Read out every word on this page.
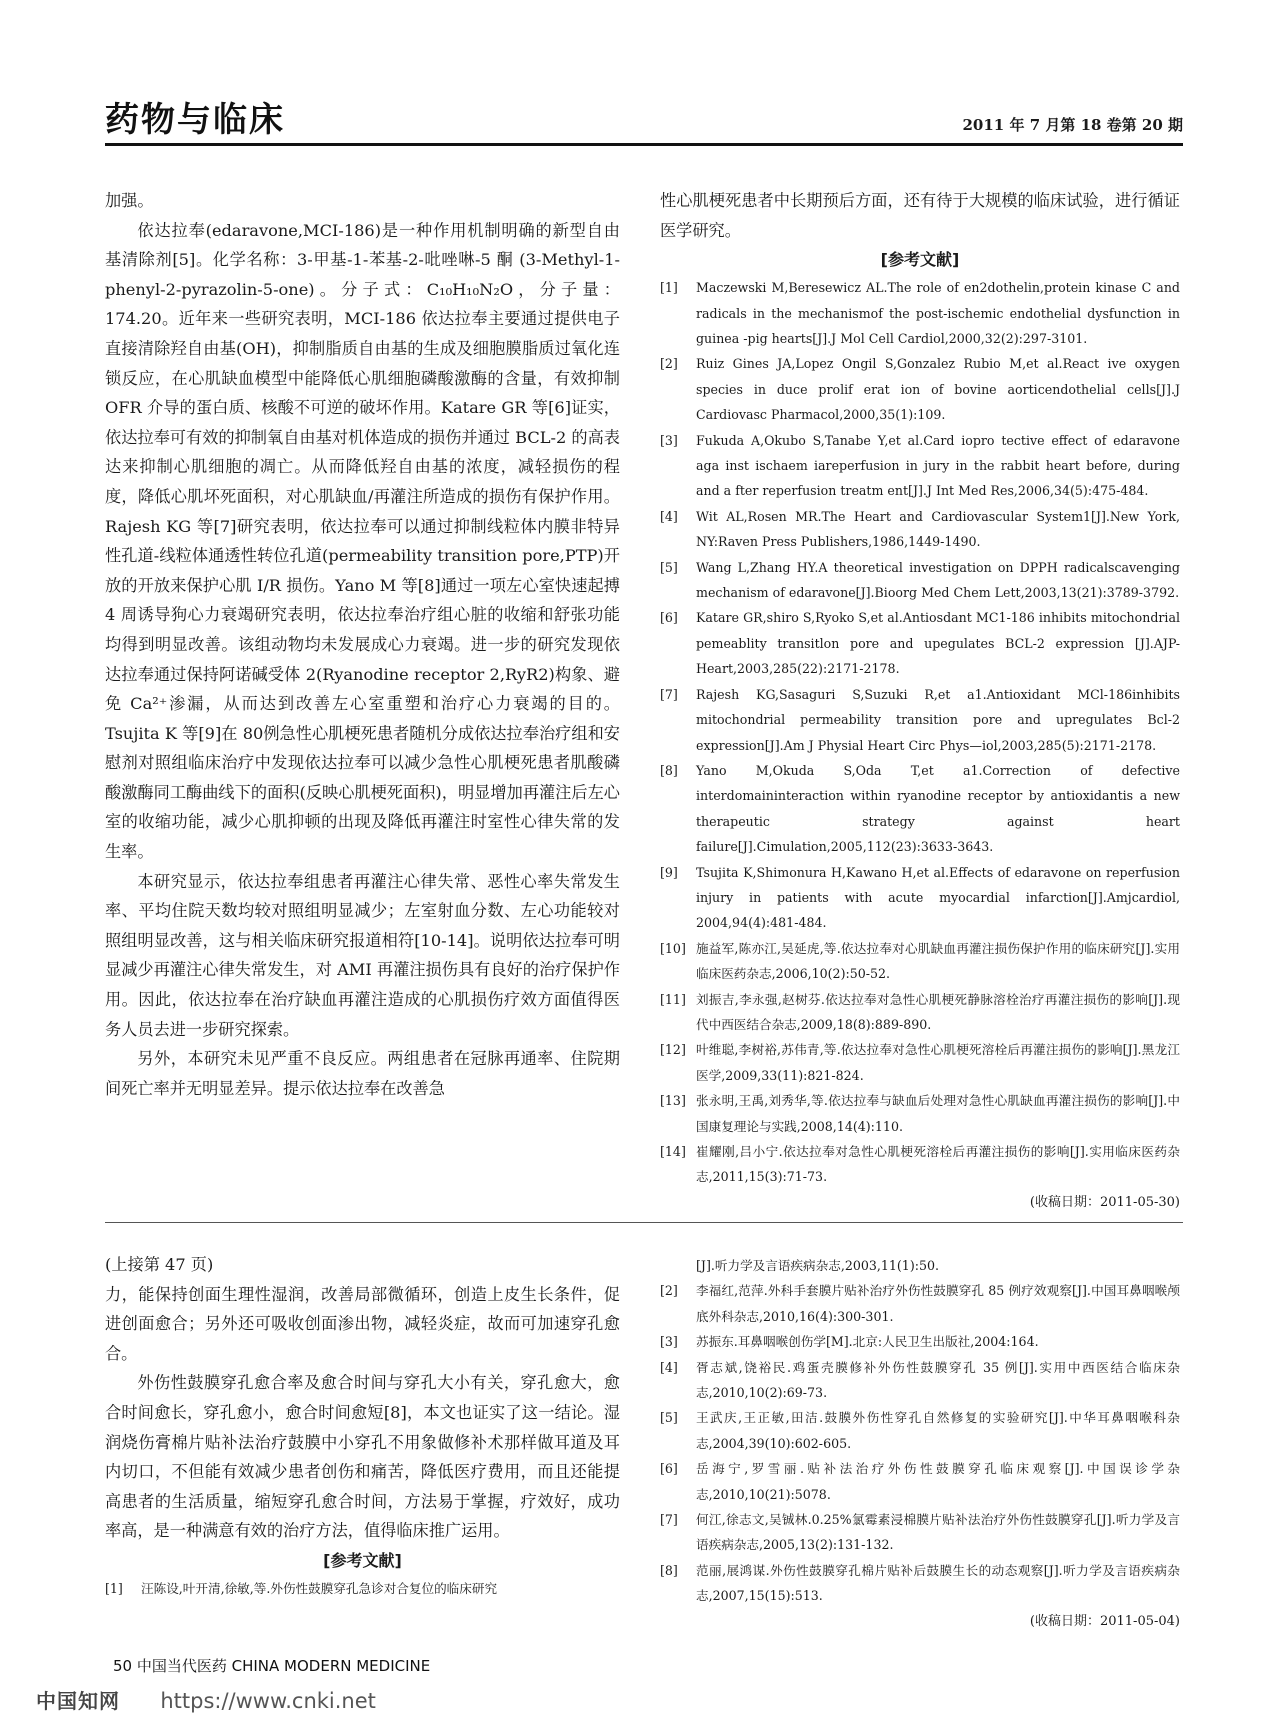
药物与临床	2011 年 7 月第 18 卷第 20 期

加强。

依达拉奉(edaravone,MCI-186)是一种作用机制明确的新型自由基清除剂[5]。化学名称：3-甲基-1-苯基-2-吡唑啉-5 酮 (3-Methyl-1-phenyl-2-pyrazolin-5-one)。分子式：C₁₀H₁₀N₂O，分子量：174.20。近年来一些研究表明，MCI-186 依达拉奉主要通过提供电子直接清除羟自由基(OH)，抑制脂质自由基的生成及细胞膜脂质过氧化连锁反应，在心肌缺血模型中能降低心肌细胞磷酸激酶的含量，有效抑制 OFR 介导的蛋白质、核酸不可逆的破坏作用。Katare GR 等[6]证实，依达拉奉可有效的抑制氧自由基对机体造成的损伤并通过 BCL-2 的高表达来抑制心肌细胞的凋亡。从而降低羟自由基的浓度，减轻损伤的程度，降低心肌坏死面积，对心肌缺血/再灌注所造成的损伤有保护作用。Rajesh KG 等[7]研究表明，依达拉奉可以通过抑制线粒体内膜非特异性孔道-线粒体通透性转位孔道(permeability transition pore,PTP)开放的开放来保护心肌 I/R 损伤。Yano M 等[8]通过一项左心室快速起搏 4 周诱导狗心力衰竭研究表明，依达拉奉治疗组心脏的收缩和舒张功能均得到明显改善。该组动物均未发展成心力衰竭。进一步的研究发现依达拉奉通过保持阿诺碱受体 2(Ryanodine receptor 2,RyR2)构象、避免 Ca²⁺渗漏，从而达到改善左心室重塑和治疗心力衰竭的目的。Tsujita K 等[9]在 80例急性心肌梗死患者随机分成依达拉奉治疗组和安慰剂对照组临床治疗中发现依达拉奉可以减少急性心肌梗死患者肌酸磷酸激酶同工酶曲线下的面积(反映心肌梗死面积)，明显增加再灌注后左心室的收缩功能，减少心肌抑顿的出现及降低再灌注时室性心律失常的发生率。

本研究显示，依达拉奉组患者再灌注心律失常、恶性心率失常发生率、平均住院天数均较对照组明显减少；左室射血分数、左心功能较对照组明显改善，这与相关临床研究报道相符[10-14]。说明依达拉奉可明显减少再灌注心律失常发生，对 AMI 再灌注损伤具有良好的治疗保护作用。因此，依达拉奉在治疗缺血再灌注造成的心肌损伤疗效方面值得医务人员去进一步研究探索。

另外，本研究未见严重不良反应。两组患者在冠脉再通率、住院期间死亡率并无明显差异。提示依达拉奉在改善急

性心肌梗死患者中长期预后方面，还有待于大规模的临床试验，进行循证医学研究。

[参考文献]
[1]	Maczewski M,Beresewicz AL.The role of en2dothelin,protein kinase C and radicals in the mechanismof the post-ischemic endothelial dysfunction in guinea -pig hearts[J].J Mol Cell Cardiol,2000,32(2):297-3101.
[2]	Ruiz Gines JA,Lopez Ongil S,Gonzalez Rubio M,et al.React ive oxygen species in duce prolif erat ion of bovine aorticendothelial cells[J].J Cardiovasc Pharmacol,2000,35(1):109.
[3]	Fukuda A,Okubo S,Tanabe Y,et al.Card iopro tective effect of edaravone aga inst ischaem iareperfusion in jury in the rabbit heart before, during and a fter reperfusion treatm ent[J].J Int Med Res,2006,34(5):475-484.
[4]	Wit AL,Rosen MR.The Heart and Cardiovascular System1[J].New York, NY:Raven Press Publishers,1986,1449-1490.
[5]	Wang L,Zhang HY.A theoretical investigation on DPPH radicalscavenging mechanism of edaravone[J].Bioorg Med Chem Lett,2003,13(21):3789-3792.
[6]	Katare GR,shiro S,Ryoko S,et al.Antiosdant MC1-186 inhibits mitochondrial pemeablity transitlon pore and upegulates BCL-2 expression [J].AJP-Heart,2003,285(22):2171-2178.
[7]	Rajesh KG,Sasaguri S,Suzuki R,et a1.Antioxidant MCl-186inhibits mitochondrial permeability transition pore and upregulates Bcl-2 expression[J].Am J Physial Heart Circ Phys—iol,2003,285(5):2171-2178.
[8]	Yano M,Okuda S,Oda T,et a1.Correction of defective interdomaininteraction within ryanodine receptor by antioxidantis a new therapeutic strategy against heart failure[J].Cimulation,2005,112(23):3633-3643.
[9]	Tsujita K,Shimonura H,Kawano H,et al.Effects of edaravone on reperfusion injury in patients with acute myocardial infarction[J].Amjcardiol, 2004,94(4):481-484.
[10] 施益军,陈亦江,吴延虎,等.依达拉奉对心肌缺血再灌注损伤保护作用的临床研究[J].实用临床医药杂志,2006,10(2):50-52.
[11] 刘振吉,李永强,赵树芬.依达拉奉对急性心肌梗死静脉溶栓治疗再灌注损伤的影响[J].现代中西医结合杂志,2009,18(8):889-890.
[12] 叶维聪,李树裕,苏伟青,等.依达拉奉对急性心肌梗死溶栓后再灌注损伤的影响[J].黑龙江医学,2009,33(11):821-824.
[13] 张永明,王禹,刘秀华,等.依达拉奉与缺血后处理对急性心肌缺血再灌注损伤的影响[J].中国康复理论与实践,2008,14(4):110.
[14] 崔耀刚,吕小宁.依达拉奉对急性心肌梗死溶栓后再灌注损伤的影响[J].实用临床医药杂志,2011,15(3):71-73.
(收稿日期：2011-05-30)

(上接第 47 页)

力，能保持创面生理性湿润，改善局部微循环，创造上皮生长条件，促进创面愈合；另外还可吸收创面渗出物，减轻炎症，故而可加速穿孔愈合。

外伤性鼓膜穿孔愈合率及愈合时间与穿孔大小有关，穿孔愈大，愈合时间愈长，穿孔愈小，愈合时间愈短[8]，本文也证实了这一结论。湿润烧伤膏棉片贴补法治疗鼓膜中小穿孔不用象做修补术那样做耳道及耳内切口，不但能有效减少患者创伤和痛苦，降低医疗费用，而且还能提高患者的生活质量，缩短穿孔愈合时间，方法易于掌握，疗效好，成功率高，是一种满意有效的治疗方法，值得临床推广运用。

[参考文献]
[1]	汪陈设,叶开清,徐敏,等.外伤性鼓膜穿孔急诊对合复位的临床研究
[J].听力学及言语疾病杂志,2003,11(1):50.
[2]	李福红,范萍.外科手套膜片贴补治疗外伤性鼓膜穿孔 85 例疗效观察[J].中国耳鼻咽喉颅底外科杂志,2010,16(4):300-301.
[3]	苏振东.耳鼻咽喉创伤学[M].北京:人民卫生出版社,2004:164.
[4]	胥志斌,饶裕民.鸡蛋壳膜修补外伤性鼓膜穿孔 35 例[J].实用中西医结合临床杂志,2010,10(2):69-73.
[5]	王武庆,王正敏,田洁.鼓膜外伤性穿孔自然修复的实验研究[J].中华耳鼻咽喉科杂志,2004,39(10):602-605.
[6]	岳海宁,罗雪丽.贴补法治疗外伤性鼓膜穿孔临床观察[J].中国误诊学杂志,2010,10(21):5078.
[7]	何江,徐志文,吴铖林.0.25%氯霉素浸棉膜片贴补法治疗外伤性鼓膜穿孔[J].听力学及言语疾病杂志,2005,13(2):131-132.
[8]	范丽,展鸿谋.外伤性鼓膜穿孔棉片贴补后鼓膜生长的动态观察[J].听力学及言语疾病杂志,2007,15(15):513.
(收稿日期：2011-05-04)
50 中国当代医药 CHINA MODERN MEDICINE
中国知网 https://www.cnki.net
